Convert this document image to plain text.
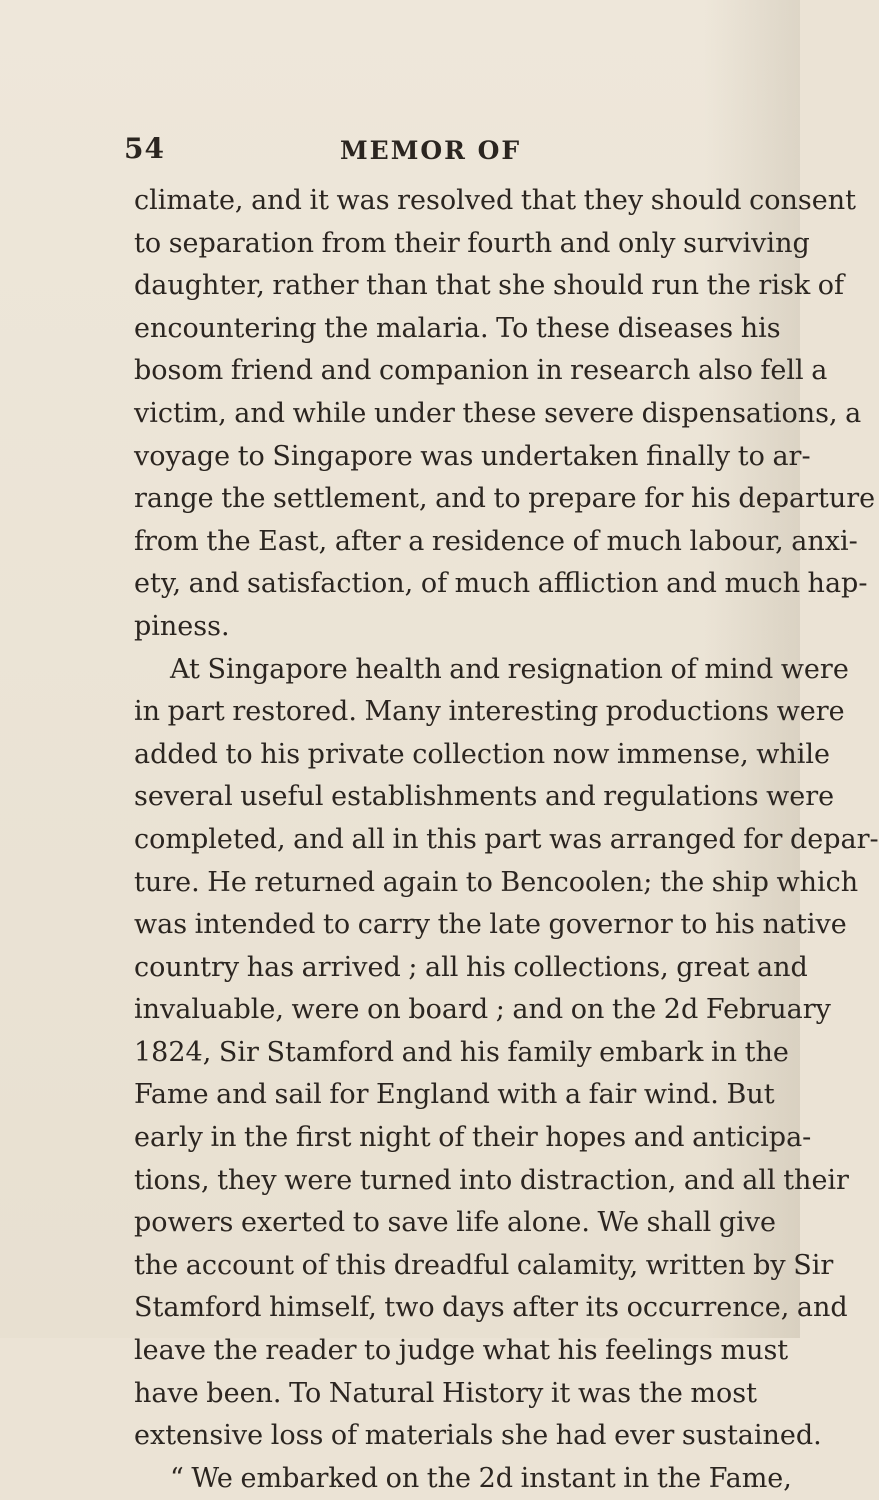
54	MEMOR OF
climate, and it was resolved that they should consent
to separation from their fourth and only surviving
daughter, rather than that she should run the risk of
encountering the malaria. To these diseases his
bosom friend and companion in research also fell a
victim, and while under these severe dispensations, a
voyage to Singapore was undertaken finally to ar-
range the settlement, and to prepare for his departure
from the East, after a residence of much labour, anxi-
ety, and satisfaction, of much affliction and much hap-
piness.
At Singapore health and resignation of mind were
in part restored. Many interesting productions were
added to his private collection now immense, while
several useful establishments and regulations were
completed, and all in this part was arranged for depar-
ture. He returned again to Bencoolen; the ship which
was intended to carry the late governor to his native
country has arrived ; all his collections, great and
invaluable, were on board ; and on the 2d February
1824, Sir Stamford and his family embark in the
Fame and sail for England with a fair wind. But
early in the first night of their hopes and anticipa-
tions, they were turned into distraction, and all their
powers exerted to save life alone. We shall give
the account of this dreadful calamity, written by Sir
Stamford himself, two days after its occurrence, and
leave the reader to judge what his feelings must
have been. To Natural History it was the most
extensive loss of materials she had ever sustained.
“ We embarked on the 2d instant in the Fame,
